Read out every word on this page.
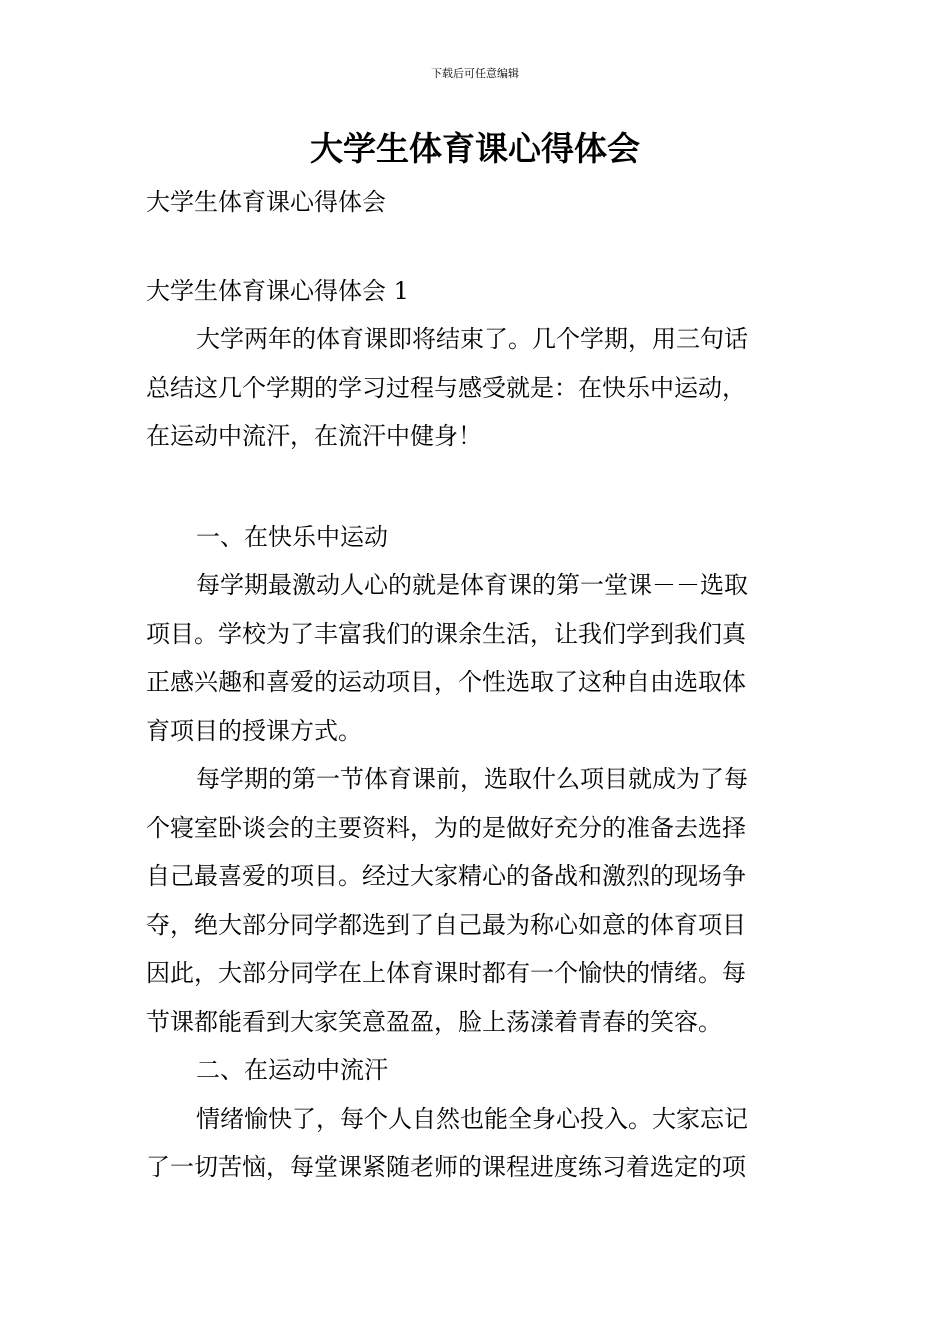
下载后可任意编辑
大学生体育课心得体会
大学生体育课心得体会
大学生体育课心得体会 1
大学两年的体育课即将结束了。几个学期，用三句话
总结这几个学期的学习过程与感受就是：在快乐中运动，
在运动中流汗，在流汗中健身！
一、在快乐中运动
每学期最激动人心的就是体育课的第一堂课－－选取
项目。学校为了丰富我们的课余生活，让我们学到我们真
正感兴趣和喜爱的运动项目，个性选取了这种自由选取体
育项目的授课方式。
每学期的第一节体育课前，选取什么项目就成为了每
个寝室卧谈会的主要资料，为的是做好充分的准备去选择
自己最喜爱的项目。经过大家精心的备战和激烈的现场争
夺，绝大部分同学都选到了自己最为称心如意的体育项目
因此，大部分同学在上体育课时都有一个愉快的情绪。每
节课都能看到大家笑意盈盈，脸上荡漾着青春的笑容。
二、在运动中流汗
情绪愉快了，每个人自然也能全身心投入。大家忘记
了一切苦恼，每堂课紧随老师的课程进度练习着选定的项
